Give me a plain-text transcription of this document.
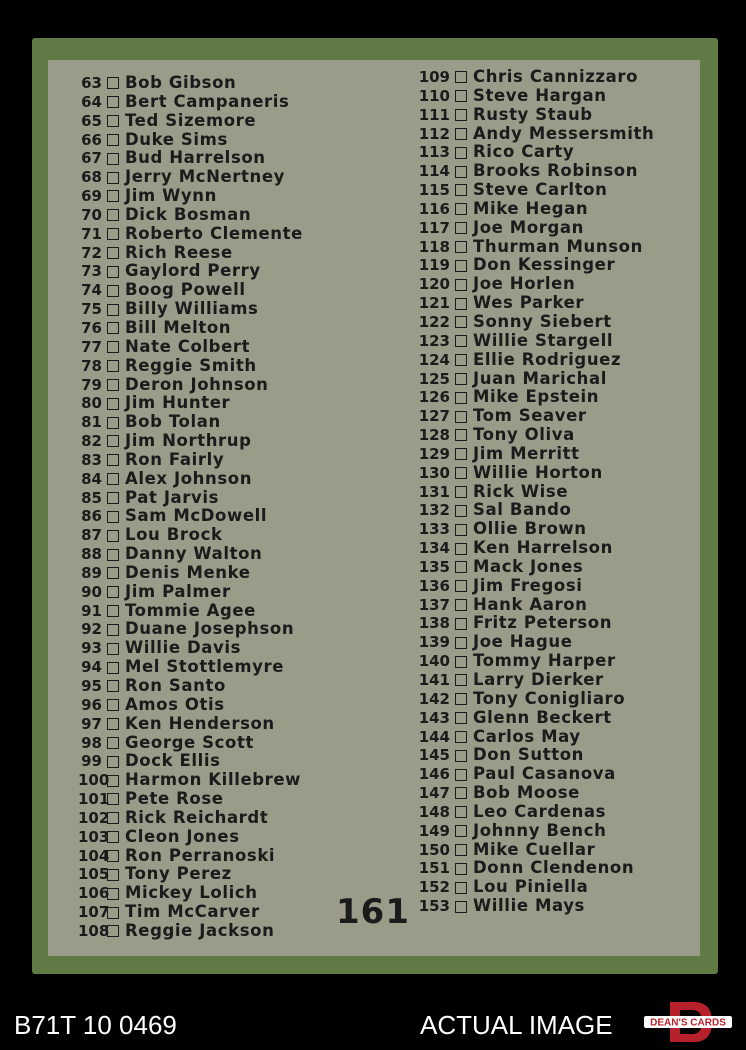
63 Bob Gibson
64 Bert Campaneris
65 Ted Sizemore
66 Duke Sims
67 Bud Harrelson
68 Jerry McNertney
69 Jim Wynn
70 Dick Bosman
71 Roberto Clemente
72 Rich Reese
73 Gaylord Perry
74 Boog Powell
75 Billy Williams
76 Bill Melton
77 Nate Colbert
78 Reggie Smith
79 Deron Johnson
80 Jim Hunter
81 Bob Tolan
82 Jim Northrup
83 Ron Fairly
84 Alex Johnson
85 Pat Jarvis
86 Sam McDowell
87 Lou Brock
88 Danny Walton
89 Denis Menke
90 Jim Palmer
91 Tommie Agee
92 Duane Josephson
93 Willie Davis
94 Mel Stottlemyre
95 Ron Santo
96 Amos Otis
97 Ken Henderson
98 George Scott
99 Dock Ellis
100 Harmon Killebrew
101 Pete Rose
102 Rick Reichardt
103 Cleon Jones
104 Ron Perranoski
105 Tony Perez
106 Mickey Lolich
107 Tim McCarver
108 Reggie Jackson
109 Chris Cannizzaro
110 Steve Hargan
111 Rusty Staub
112 Andy Messersmith
113 Rico Carty
114 Brooks Robinson
115 Steve Carlton
116 Mike Hegan
117 Joe Morgan
118 Thurman Munson
119 Don Kessinger
120 Joe Horlen
121 Wes Parker
122 Sonny Siebert
123 Willie Stargell
124 Ellie Rodriguez
125 Juan Marichal
126 Mike Epstein
127 Tom Seaver
128 Tony Oliva
129 Jim Merritt
130 Willie Horton
131 Rick Wise
132 Sal Bando
133 Ollie Brown
134 Ken Harrelson
135 Mack Jones
136 Jim Fregosi
137 Hank Aaron
138 Fritz Peterson
139 Joe Hague
140 Tommy Harper
141 Larry Dierker
142 Tony Conigliaro
143 Glenn Beckert
144 Carlos May
145 Don Sutton
146 Paul Casanova
147 Bob Moose
148 Leo Cardenas
149 Johnny Bench
150 Mike Cuellar
151 Donn Clendenon
152 Lou Piniella
153 Willie Mays
161
B71T 10 0469	ACTUAL IMAGE	DEAN'S CARDS
